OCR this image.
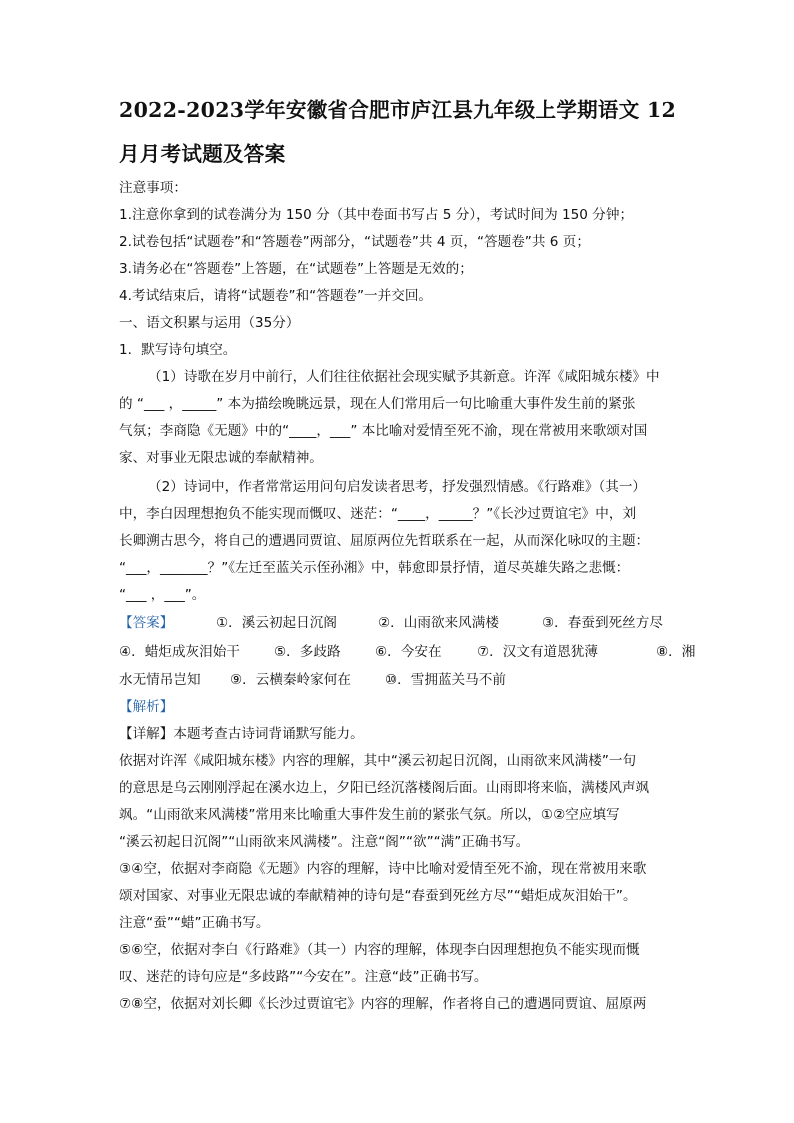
2022-2023学年安徽省合肥市庐江县九年级上学期语文 12
月月考试题及答案
注意事项：
1.注意你拿到的试卷满分为 150 分（其中卷面书写占 5 分），考试时间为 150 分钟；
2.试卷包括“试题卷”和“答题卷”两部分，“试题卷”共 4 页，“答题卷”共 6 页；
3.请务必在“答题卷”上答题，在“试题卷”上答题是无效的；
4.考试结束后，请将“试题卷”和“答题卷”一并交回。
一、语文积累与运用（35分）
1．默写诗句填空。
（1）诗歌在岁月中前行，人们往往依据社会现实赋予其新意。许浑《咸阳城东楼》中
的 “___ ，_____” 本为描绘晚眺远景，现在人们常用后一句比喻重大事件发生前的紧张
气氛；李商隐《无题》中的“____，___” 本比喻对爱情至死不渝，现在常被用来歌颂对国
家、对事业无限忠诚的奉献精神。
（2）诗词中，作者常常运用问句启发读者思考，抒发强烈情感。《行路难》（其一）
中，李白因理想抱负不能实现而慨叹、迷茫：“____，_____？”《长沙过贾谊宅》中，刘
长卿溯古思今，将自己的遭遇同贾谊、屈原两位先哲联系在一起，从而深化咏叹的主题：
“___，_______？”《左迁至蓝关示侄孙湘》中，韩愈即景抒情，道尽英雄失路之悲慨：
“___ ，___”。
【答案】	①．溪云初起日沉阁	②．山雨欲来风满楼	③．春蚕到死丝方尽
④．蜡炬成灰泪始干	⑤．多歧路	⑥．今安在	⑦．汉文有道恩犹薄	⑧．湘
水无情吊岂知 ⑨．云横秦岭家何在	⑩．雪拥蓝关马不前
【解析】
【详解】本题考查古诗词背诵默写能力。
依据对许浑《咸阳城东楼》内容的理解，其中“溪云初起日沉阁，山雨欲来风满楼”一句
的意思是乌云刚刚浮起在溪水边上，夕阳已经沉落楼阁后面。山雨即将来临，满楼风声飒
飒。“山雨欲来风满楼”常用来比喻重大事件发生前的紧张气氛。所以，①②空应填写
“溪云初起日沉阁”“山雨欲来风满楼”。注意“阁”“欲”“满”正确书写。
③④空，依据对李商隐《无题》内容的理解，诗中比喻对爱情至死不渝，现在常被用来歌
颂对国家、对事业无限忠诚的奉献精神的诗句是“春蚕到死丝方尽”“蜡炬成灰泪始干”。
注意“蚕”“蜡”正确书写。
⑤⑥空，依据对李白《行路难》（其一）内容的理解，体现李白因理想抱负不能实现而慨
叹、迷茫的诗句应是“多歧路”“今安在”。注意“歧”正确书写。
⑦⑧空，依据对刘长卿《长沙过贾谊宅》内容的理解，作者将自己的遭遇同贾谊、屈原两
